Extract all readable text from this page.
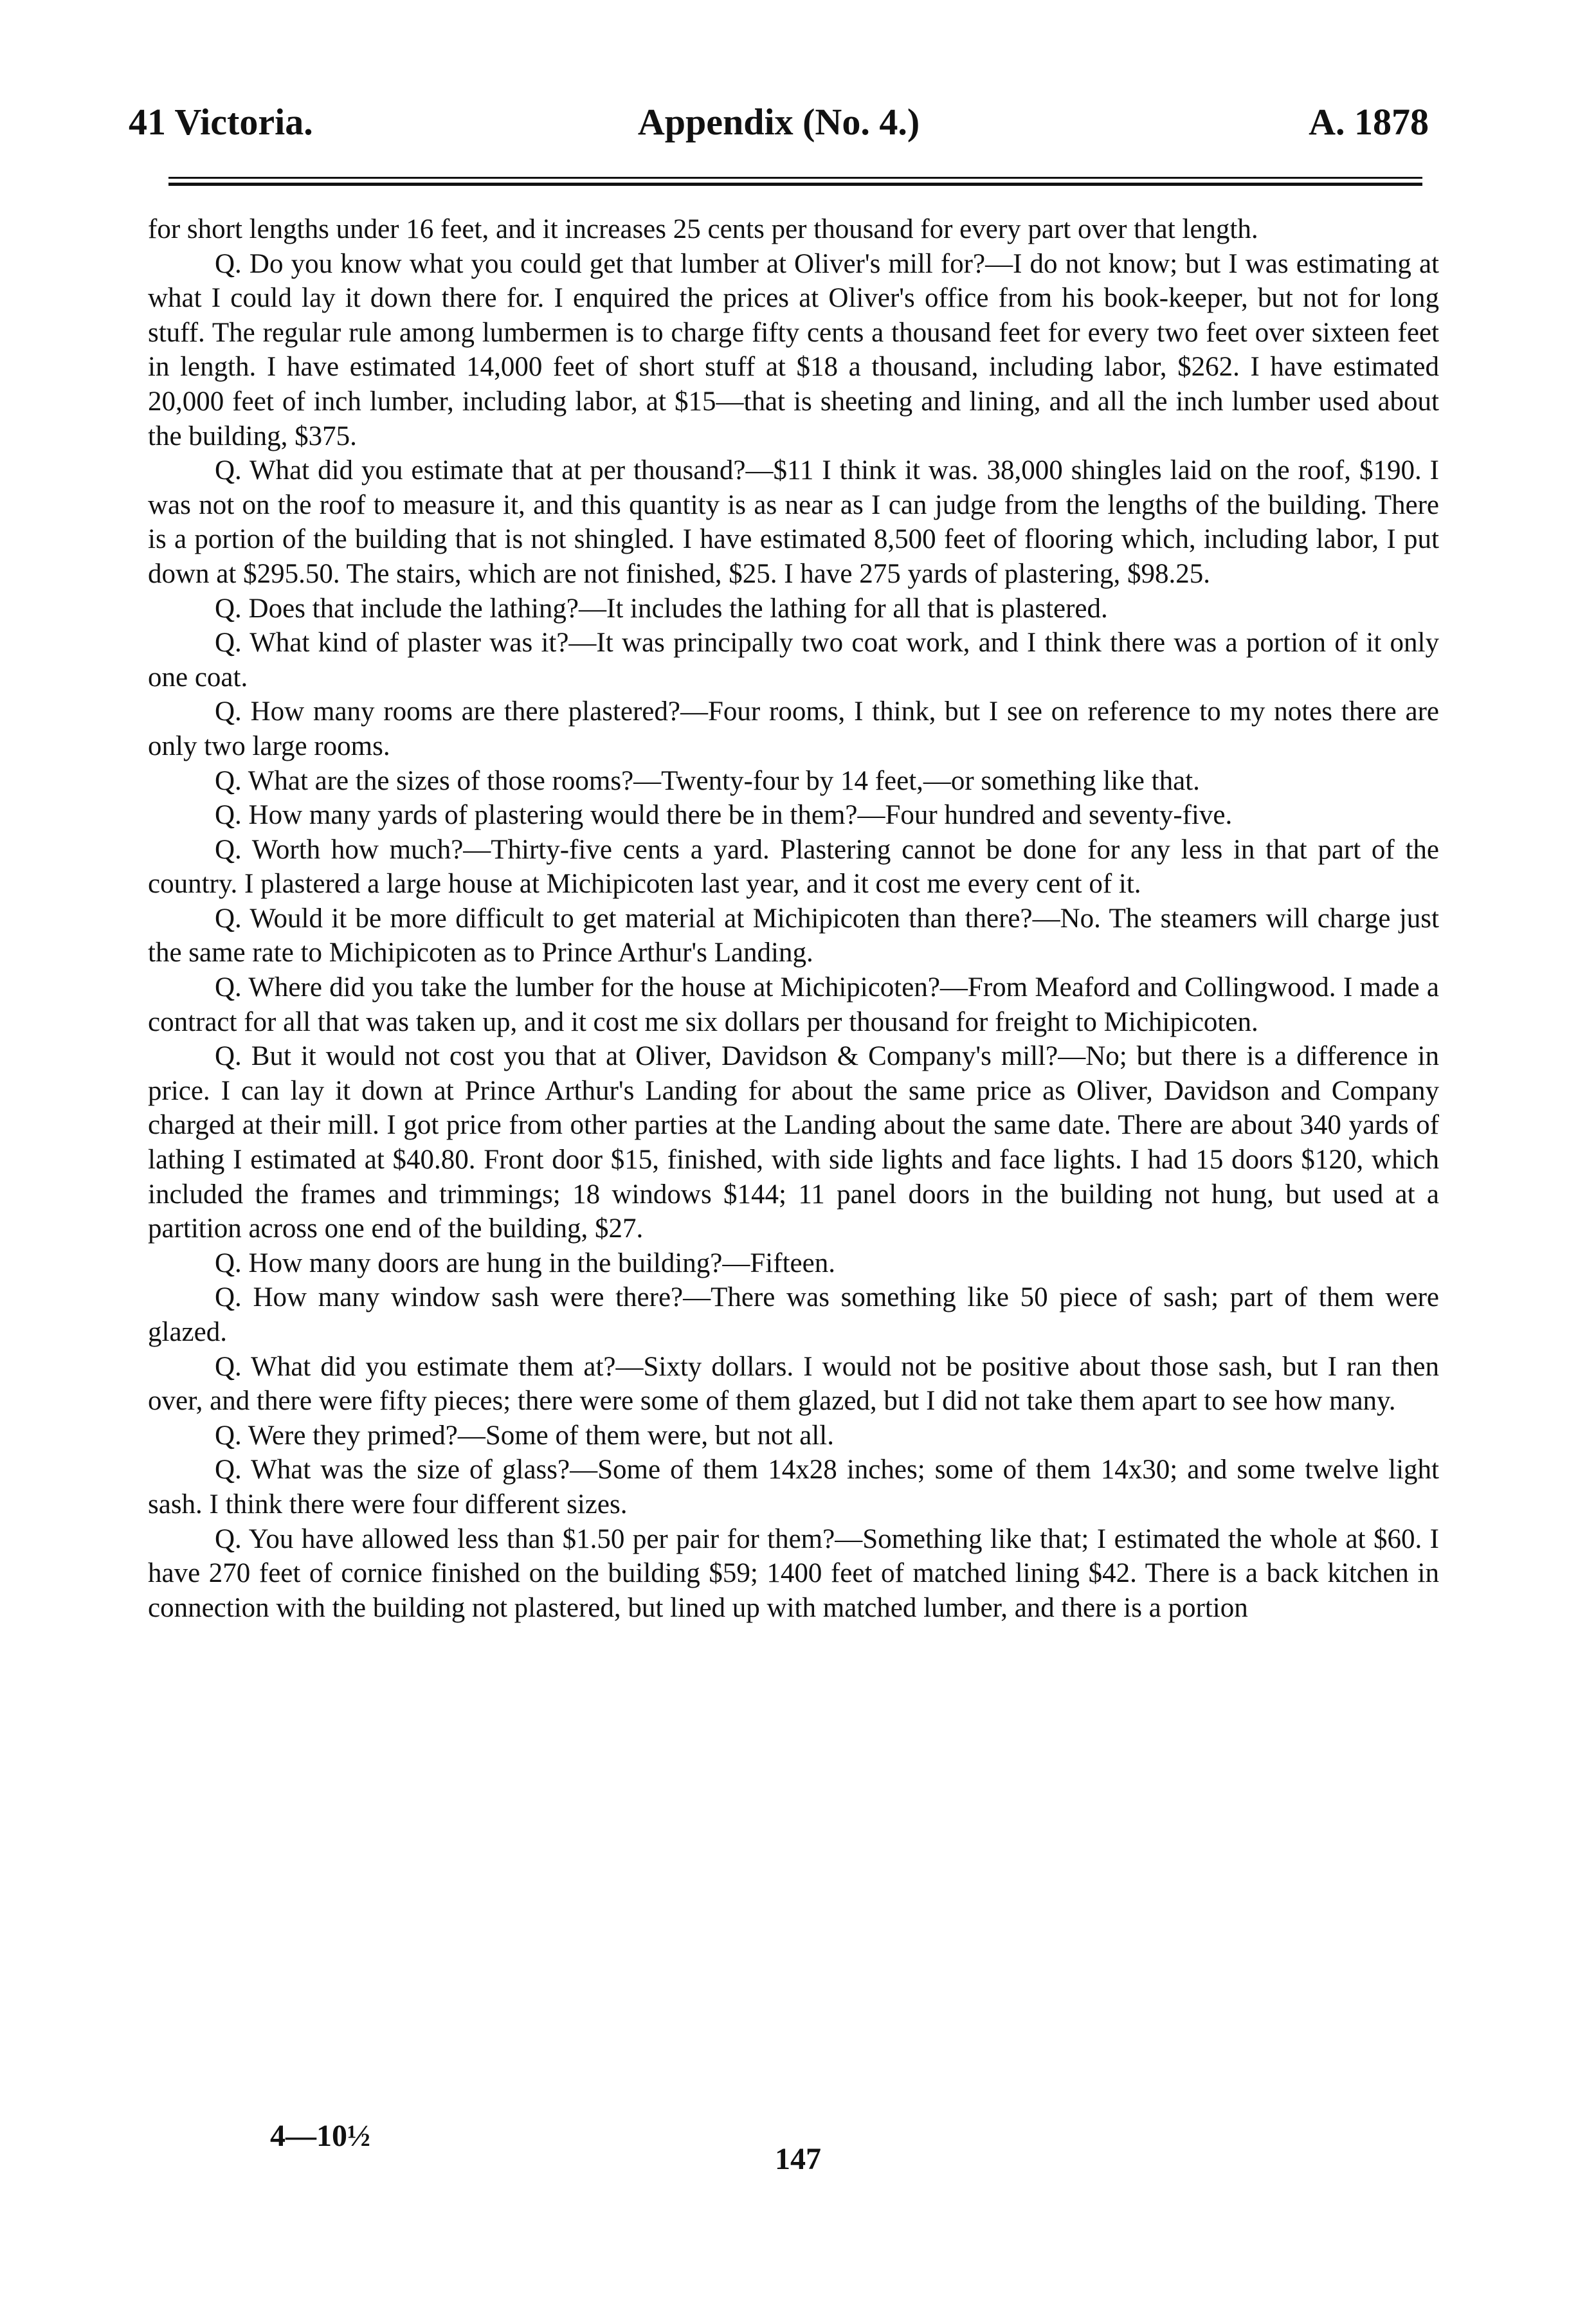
41 Victoria.	Appendix (No. 4.)	A. 1878

for short lengths under 16 feet, and it increases 25 cents per thousand for every part over that length.

Q. Do you know what you could get that lumber at Oliver's mill for?—I do not know; but I was estimating at what I could lay it down there for. I enquired the prices at Oliver's office from his book-keeper, but not for long stuff. The regular rule among lumbermen is to charge fifty cents a thousand feet for every two feet over sixteen feet in length. I have estimated 14,000 feet of short stuff at $18 a thousand, including labor, $262. I have estimated 20,000 feet of inch lumber, including labor, at $15—that is sheeting and lining, and all the inch lumber used about the building, $375.

Q. What did you estimate that at per thousand?—$11 I think it was. 38,000 shingles laid on the roof, $190. I was not on the roof to measure it, and this quantity is as near as I can judge from the lengths of the building. There is a portion of the building that is not shingled. I have estimated 8,500 feet of flooring which, including labor, I put down at $295.50. The stairs, which are not finished, $25. I have 275 yards of plastering, $98.25.

Q. Does that include the lathing?—It includes the lathing for all that is plastered.

Q. What kind of plaster was it?—It was principally two coat work, and I think there was a portion of it only one coat.

Q. How many rooms are there plastered?—Four rooms, I think, but I see on reference to my notes there are only two large rooms.

Q. What are the sizes of those rooms?—Twenty-four by 14 feet,—or something like that.

Q. How many yards of plastering would there be in them?—Four hundred and seventy-five.

Q. Worth how much?—Thirty-five cents a yard. Plastering cannot be done for any less in that part of the country. I plastered a large house at Michipicoten last year, and it cost me every cent of it.

Q. Would it be more difficult to get material at Michipicoten than there?—No. The steamers will charge just the same rate to Michipicoten as to Prince Arthur's Landing.

Q. Where did you take the lumber for the house at Michipicoten?—From Meaford and Collingwood. I made a contract for all that was taken up, and it cost me six dollars per thousand for freight to Michipicoten.

Q. But it would not cost you that at Oliver, Davidson & Company's mill?—No; but there is a difference in price. I can lay it down at Prince Arthur's Landing for about the same price as Oliver, Davidson and Company charged at their mill. I got price from other parties at the Landing about the same date. There are about 340 yards of lathing I estimated at $40.80. Front door $15, finished, with side lights and face lights. I had 15 doors $120, which included the frames and trimmings; 18 windows $144; 11 panel doors in the building not hung, but used at a partition across one end of the building, $27.

Q. How many doors are hung in the building?—Fifteen.

Q. How many window sash were there?—There was something like 50 piece of sash; part of them were glazed.

Q. What did you estimate them at?—Sixty dollars. I would not be positive about those sash, but I ran then over, and there were fifty pieces; there were some of them glazed, but I did not take them apart to see how many.

Q. Were they primed?—Some of them were, but not all.

Q. What was the size of glass?—Some of them 14x28 inches; some of them 14x30; and some twelve light sash. I think there were four different sizes.

Q. You have allowed less than $1.50 per pair for them?—Something like that; I estimated the whole at $60. I have 270 feet of cornice finished on the building $59; 1400 feet of matched lining $42. There is a back kitchen in connection with the building not plastered, but lined up with matched lumber, and there is a portion

4—10½
147
